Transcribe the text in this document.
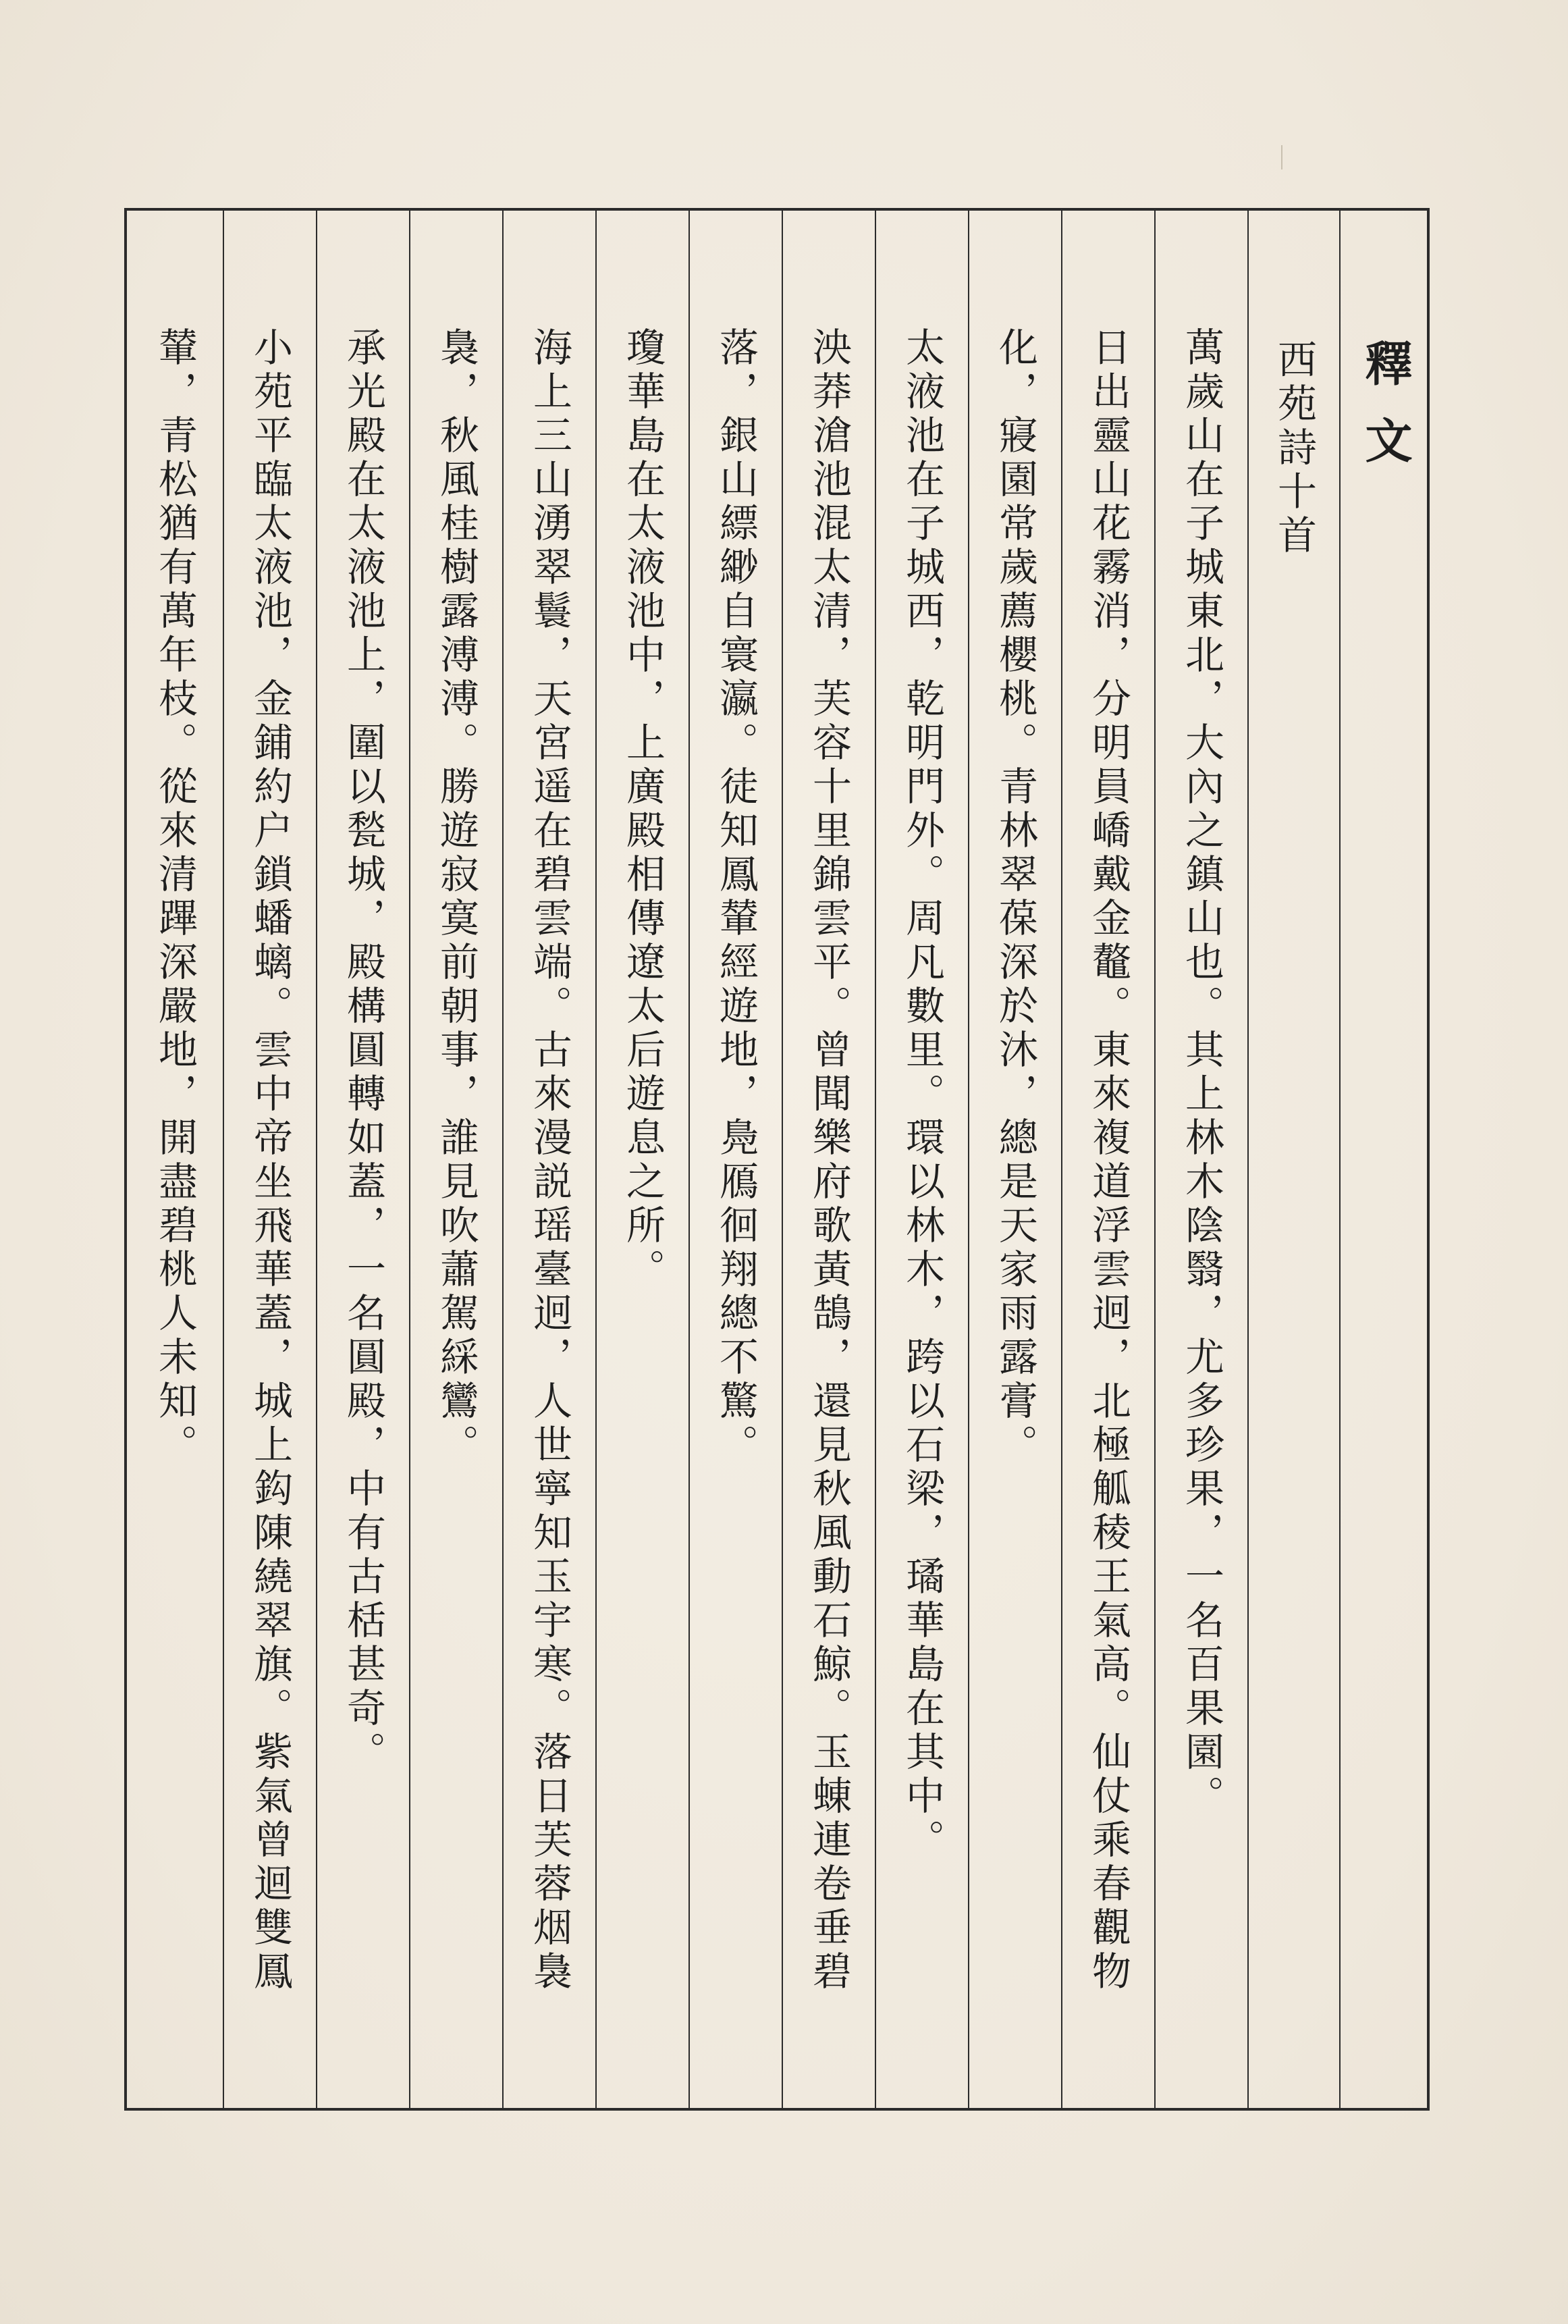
釋文
西苑詩十首
萬歲山在子城東北，大內之鎮山也。其上林木陰翳，尤多珍果，一名百果園。
日出靈山花霧消，分明員嶠戴金鼇。東來複道浮雲迥，北極觚稜王氣高。仙仗乘春觀物
化，寢園常歲薦櫻桃。青林翠葆深於沐，總是天家雨露膏。
太液池在子城西，乾明門外。周凡數里。環以林木，跨以石梁，璚華島在其中。
泱莽滄池混太清，芙容十里錦雲平。曾聞樂府歌黃鵠，還見秋風動石鯨。玉蝀連卷垂碧
落，銀山縹緲自寰瀛。徒知鳳輦經遊地，鳧鴈徊翔總不驚。
瓊華島在太液池中，上廣殿相傳遼太后遊息之所。
海上三山湧翠鬟，天宮遥在碧雲端。古來漫説瑶臺迥，人世寧知玉宇寒。落日芙蓉烟裊
裊，秋風桂樹露溥溥。勝遊寂寞前朝事，誰見吹蕭駕綵鸞。
承光殿在太液池上，圍以甃城，殿構圓轉如蓋，一名圓殿，中有古栝甚奇。
小苑平臨太液池，金鋪約户鎖蟠螭。雲中帝坐飛華蓋，城上鈎陳繞翠旗。紫氣曾迴雙鳳
輦，青松猶有萬年枝。從來清蹕深嚴地，開盡碧桃人未知。
